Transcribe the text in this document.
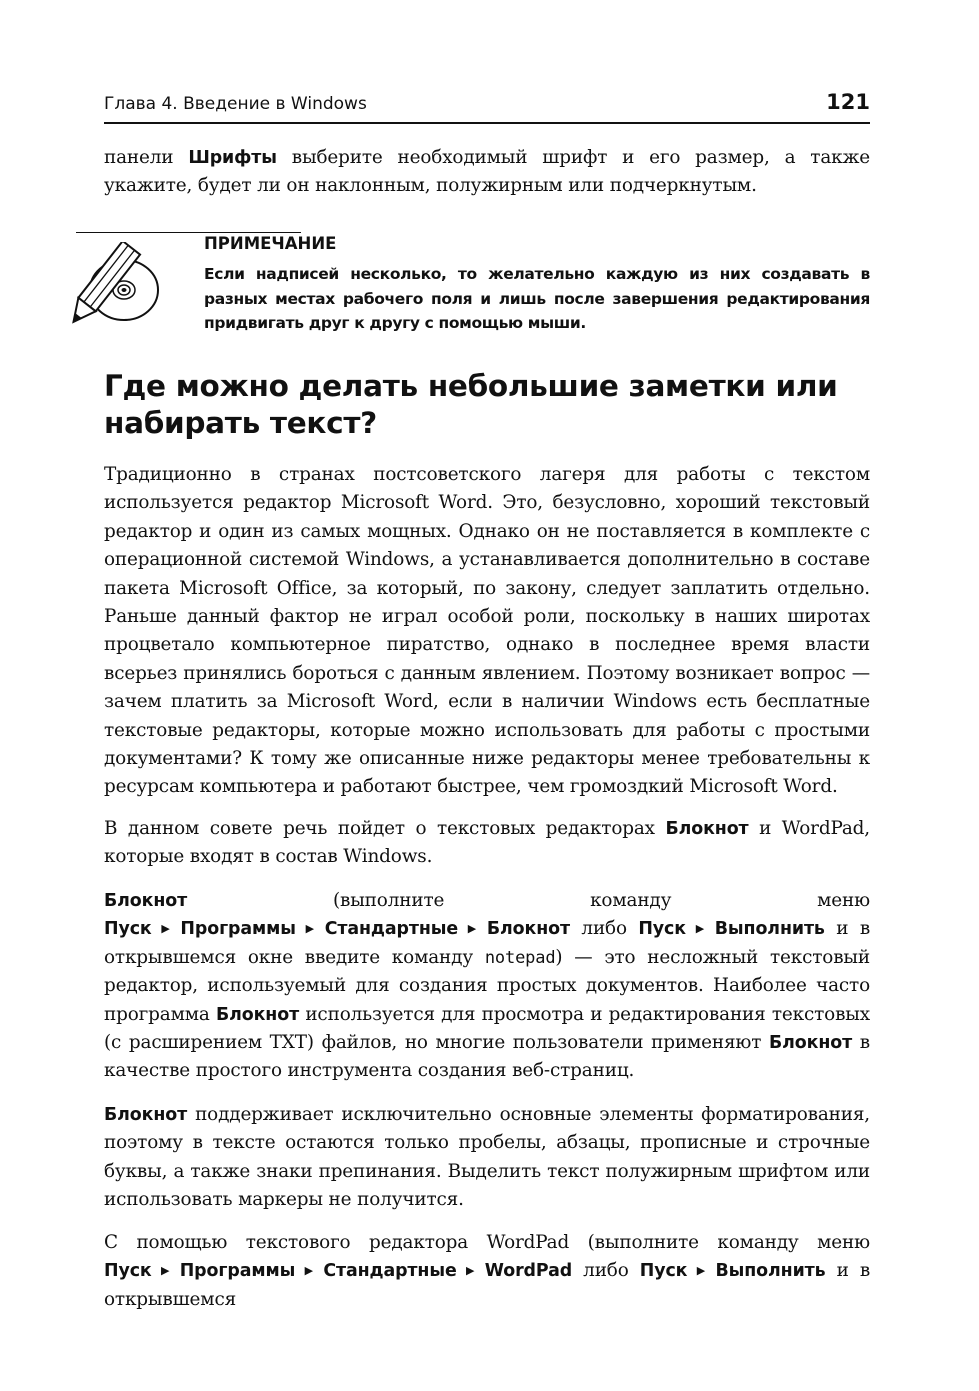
Глава 4. Введение в Windows	121

панели Шрифты выберите необходимый шрифт и его размер, а также укажите, будет ли он наклонным, полужирным или подчеркнутым.

ПРИМЕЧАНИЕ

Если надписей несколько, то желательно каждую из них создавать в разных местах рабочего поля и лишь после завершения редактирования придвигать друг к другу с помощью мыши.

Где можно делать небольшие заметки или набирать текст?

Традиционно в странах постсоветского лагеря для работы с текстом используется редактор Microsoft Word. Это, безусловно, хороший текстовый редактор и один из самых мощных. Однако он не поставляется в комплекте с операционной системой Windows, а устанавливается дополнительно в составе пакета Microsoft Office, за который, по закону, следует заплатить отдельно. Раньше данный фактор не играл особой роли, поскольку в наших широтах процветало компьютерное пиратство, однако в последнее время власти всерьез принялись бороться с данным явлением. Поэтому возникает вопрос — зачем платить за Microsoft Word, если в наличии Windows есть бесплатные текстовые редакторы, которые можно использовать для работы с простыми документами? К тому же описанные ниже редакторы менее требовательны к ресурсам компьютера и работают быстрее, чем громоздкий Microsoft Word.

В данном совете речь пойдет о текстовых редакторах Блокнот и WordPad, которые входят в состав Windows.

Блокнот (выполните команду меню Пуск ▶ Программы ▶ Стандартные ▶ Блокнот либо Пуск ▶ Выполнить и в открывшемся окне введите команду notepad) — это несложный текстовый редактор, используемый для создания простых документов. Наиболее часто программа Блокнот используется для просмотра и редактирования текстовых (с расширением TXT) файлов, но многие пользователи применяют Блокнот в качестве простого инструмента создания веб-страниц.

Блокнот поддерживает исключительно основные элементы форматирования, поэтому в тексте остаются только пробелы, абзацы, прописные и строчные буквы, а также знаки препинания. Выделить текст полужирным шрифтом или использовать маркеры не получится.

С помощью текстового редактора WordPad (выполните команду меню Пуск ▶ Программы ▶ Стандартные ▶ WordPad либо Пуск ▶ Выполнить и в открывшемся
